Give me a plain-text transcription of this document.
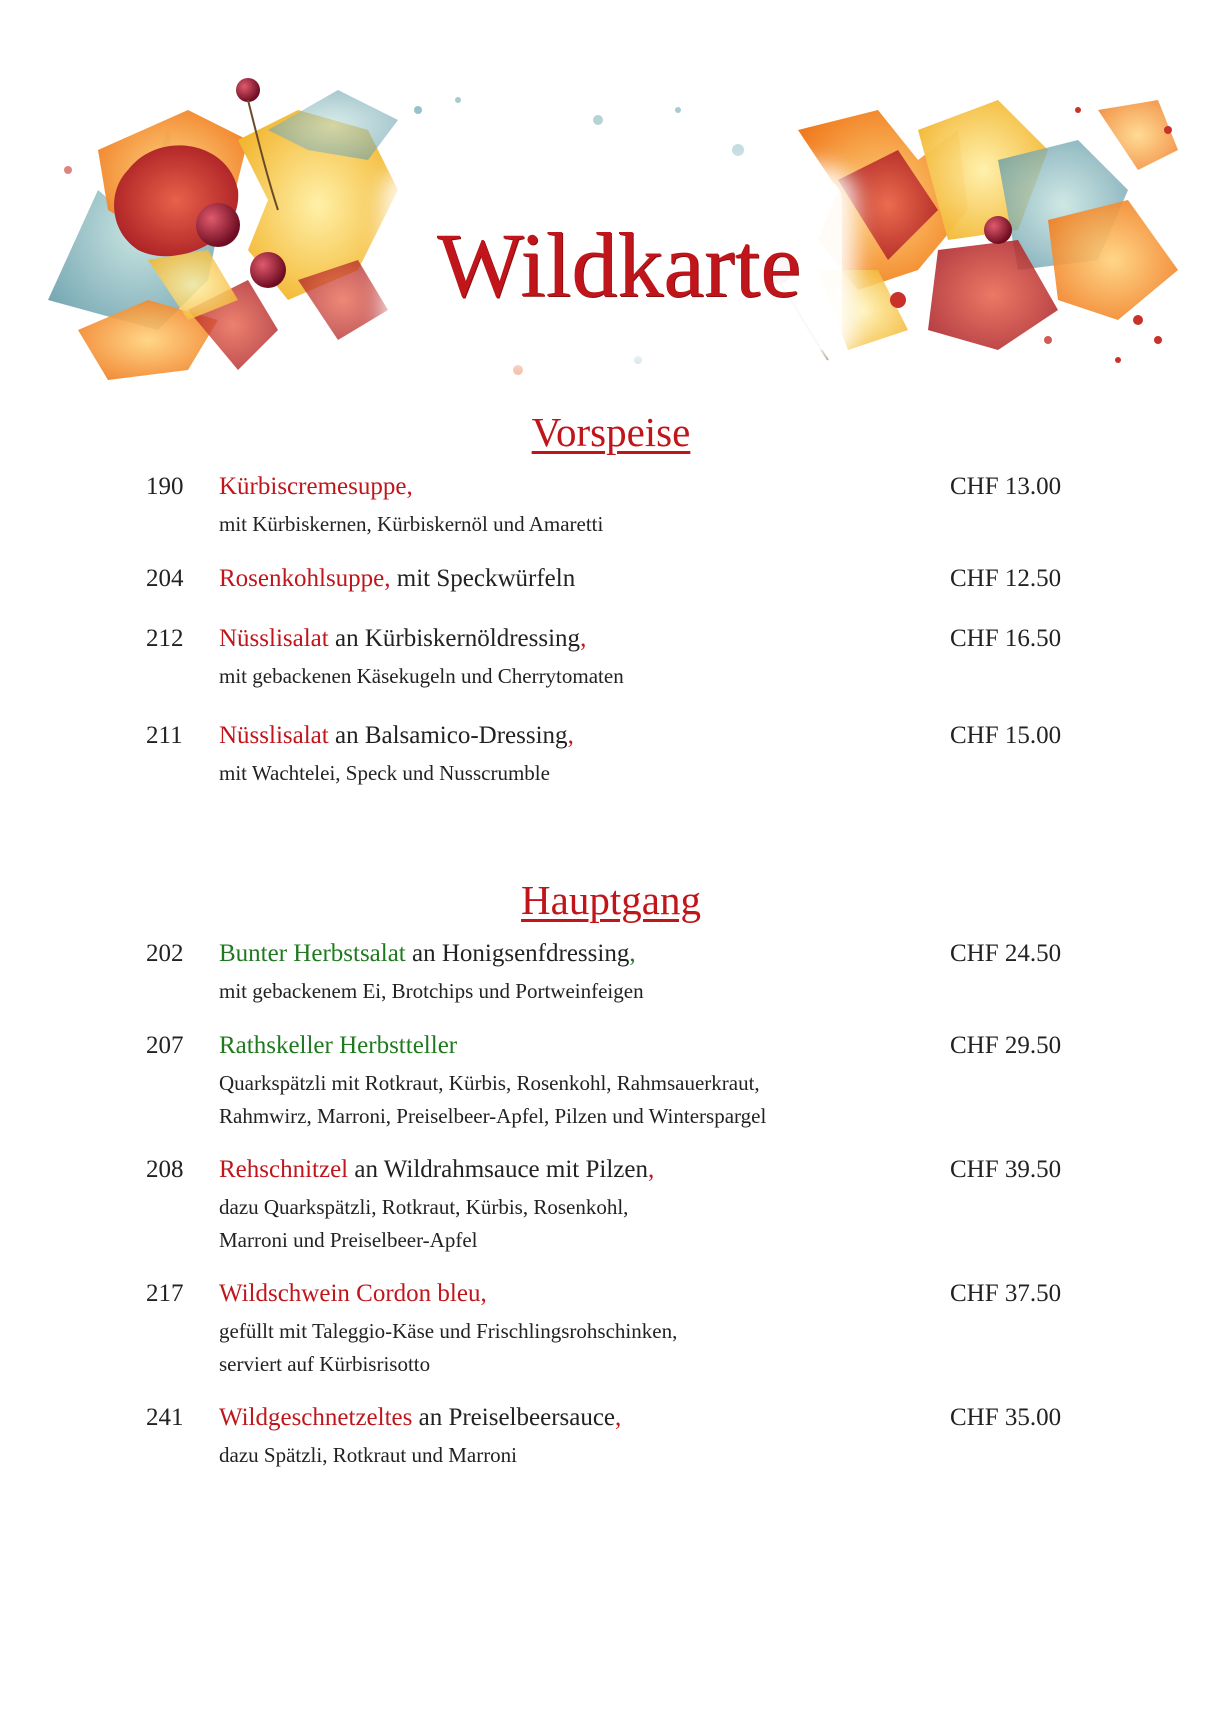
Wildkarte
Vorspeise
190 Kürbiscremesuppe,
mit Kürbiskernen, Kürbiskernöl und Amaretti
CHF 13.00
204 Rosenkohlsuppe, mit Speckwürfeln	CHF 12.50
212 Nüsslisalat an Kürbiskernöldressing,
mit gebackenen Käsekugeln und Cherrytomaten
CHF 16.50
211 Nüsslisalat an Balsamico-Dressing,
mit Wachtelei, Speck und Nusscrumble
CHF 15.00
Hauptgang
202 Bunter Herbstsalat an Honigsenfdressing,
mit gebackenem Ei, Brotchips und Portweinfeigen
CHF 24.50
207 Rathskeller Herbstteller
Quarkspätzli mit Rotkraut, Kürbis, Rosenkohl, Rahmsauerkraut,
Rahmwirz, Marroni, Preiselbeer-Apfel, Pilzen und Winterspargel
CHF 29.50
208 Rehschnitzel an Wildrahmsauce mit Pilzen,
dazu Quarkspätzli, Rotkraut, Kürbis, Rosenkohl,
Marroni und Preiselbeer-Apfel
CHF 39.50
217 Wildschwein Cordon bleu,
gefüllt mit Taleggio-Käse und Frischlingsrohschinken,
serviert auf Kürbisrisotto
CHF 37.50
241 Wildgeschnetzeltes an Preiselbeersauce,
dazu Spätzli, Rotkraut und Marroni
CHF 35.00
